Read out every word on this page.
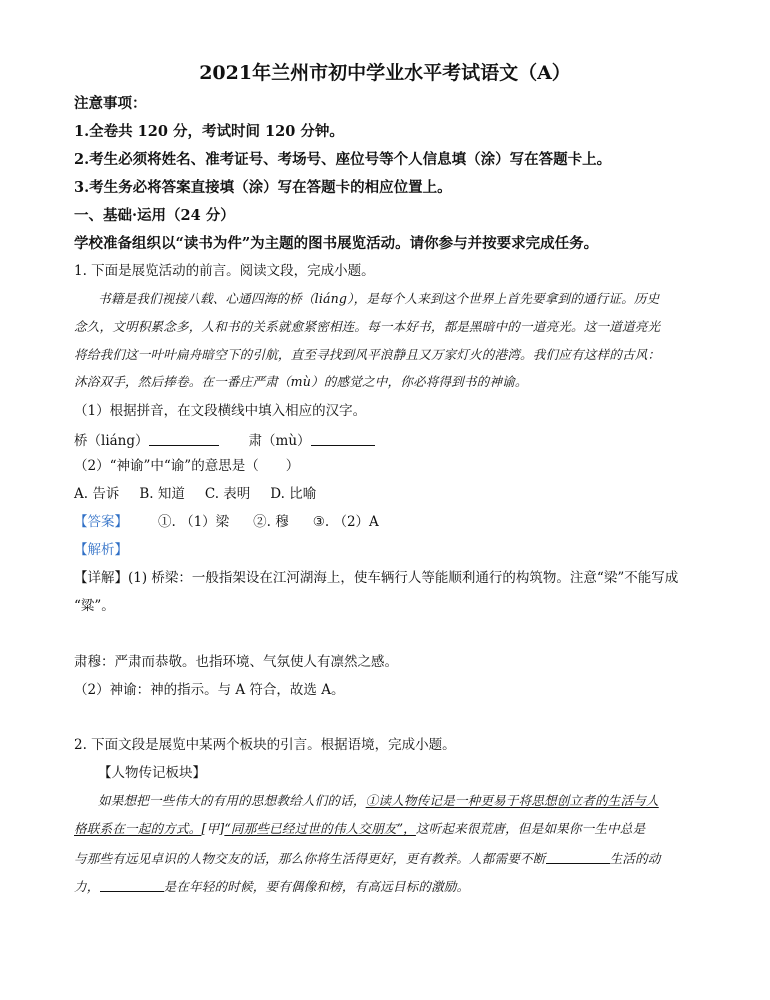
2021年兰州市初中学业水平考试语文（A）
注意事项：
1.全卷共 120 分，考试时间 120 分钟。
2.考生必须将姓名、准考证号、考场号、座位号等个人信息填（涂）写在答题卡上。
3.考生务必将答案直接填（涂）写在答题卡的相应位置上。
一、基础·运用（24 分）
学校准备组织以“读书为件”为主题的图书展览活动。请你参与并按要求完成任务。
1. 下面是展览活动的前言。阅读文段，完成小题。
书籍是我们视接八载、心通四海的桥（liáng），是每个人来到这个世界上首先要拿到的通行证。历史
念久，文明积累念多，人和书的关系就愈紧密相连。每一本好书，都是黑暗中的一道亮光。这一道道亮光
将给我们这一叶叶扁舟暗空下的引航，直至寻找到风平浪静且又万家灯火的港湾。我们应有这样的古风：
沐浴双手，然后捧卷。在一番庄严肃（mù）的感觉之中，你必将得到书的神谕。
（1）根据拼音，在文段横线中填入相应的汉字。
桥（liáng）	肃（mù）
（2）“神谕”中“谕”的意思是（　　）
A. 告诉 B. 知道 C. 表明 D. 比喻
【答案】 ①. （1）梁 ②. 穆 ③. （2）A
【解析】
【详解】(1) 桥梁：一般指架设在江河湖海上，使车辆行人等能顺利通行的构筑物。注意“梁”不能写成
“粱”。
肃穆：严肃而恭敬。也指环境、气氛使人有凛然之感。
（2）神谕：神的指示。与 A 符合，故选 A。
2. 下面文段是展览中某两个板块的引言。根据语境，完成小题。
【人物传记板块】
如果想把一些伟大的有用的思想教给人们的话，①读人物传记是一种更易于将思想创立者的生活与人
格联系在一起的方式。[甲]“同那些已经过世的伟人交朋友”，这听起来很荒唐，但是如果你一生中总是
与那些有远见卓识的人物交友的话，那么你将生活得更好，更有教养。人都需要不断	生活的动
力，	是在年轻的时候，要有偶像和榜，有高远目标的激励。
